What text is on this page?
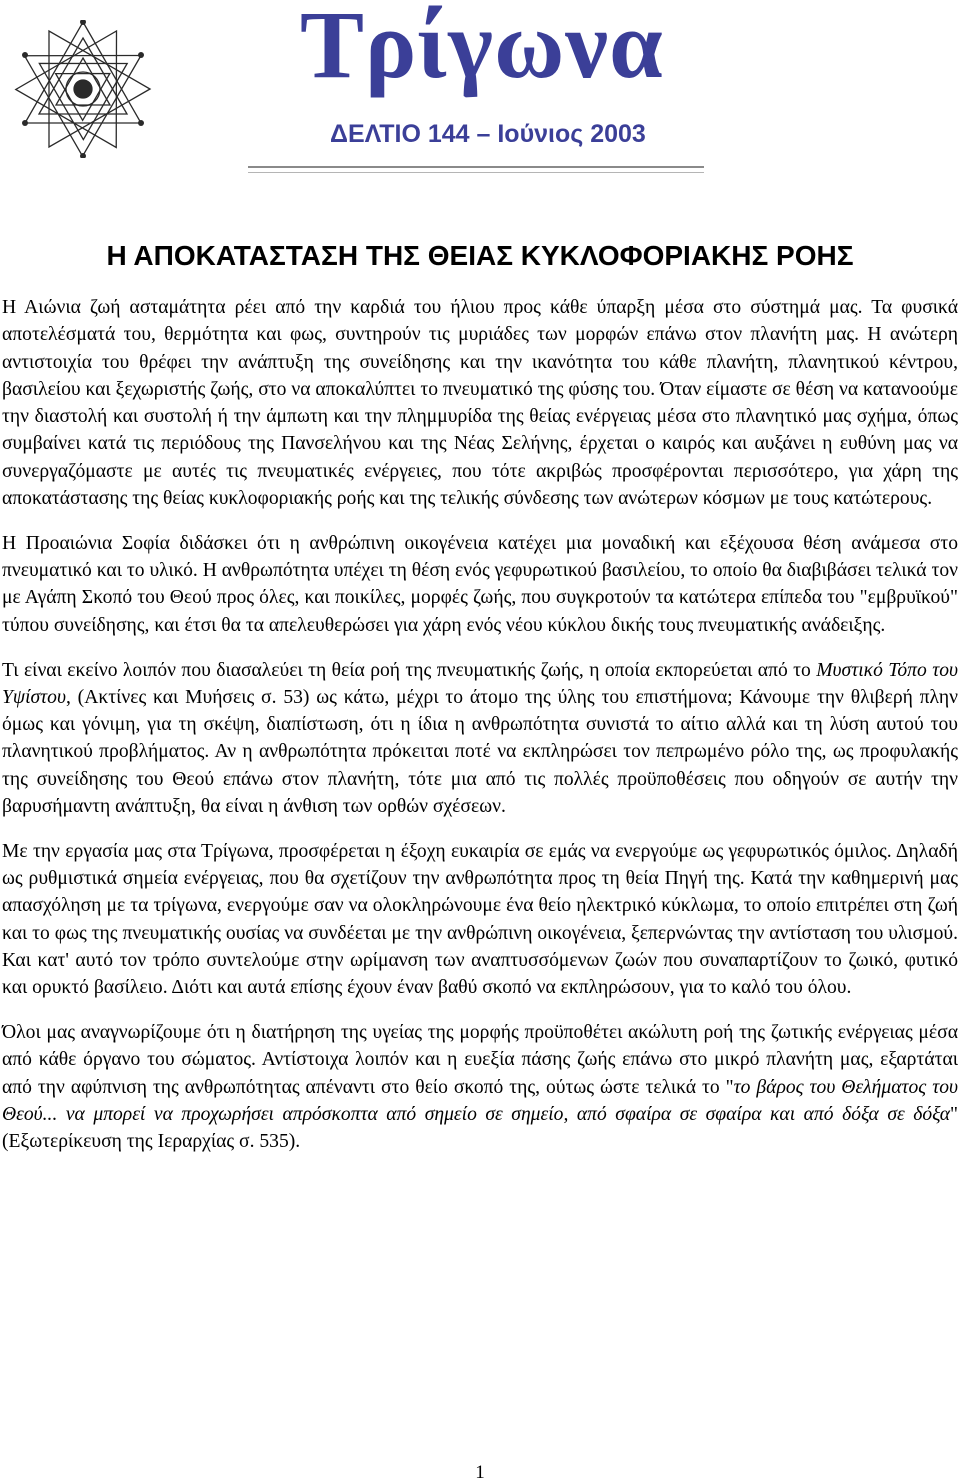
Τρίγωνα
ΔΕΛΤΙΟ 144 – Ιούνιος 2003
Η ΑΠΟΚΑΤΑΣΤΑΣΗ ΤΗΣ ΘΕΙΑΣ ΚΥΚΛΟΦΟΡΙΑΚΗΣ ΡΟΗΣ

Η Αιώνια ζωή ασταμάτητα ρέει από την καρδιά του ήλιου προς κάθε ύπαρξη μέσα στο σύστημά μας. Τα φυσικά αποτελέσματά του, θερμότητα και φως, συντηρούν τις μυριάδες των μορφών επάνω στον πλανήτη μας. Η ανώτερη αντιστοιχία του θρέφει την ανάπτυξη της συνείδησης και την ικανότητα του κάθε πλανήτη, πλανητικού κέντρου, βασιλείου και ξεχωριστής ζωής, στο να αποκαλύπτει το πνευματικό της φύσης του. Όταν είμαστε σε θέση να κατανοούμε την διαστολή και συστολή ή την άμπωτη και την πλημμυρίδα της θείας ενέργειας μέσα στο πλανητικό μας σχήμα, όπως συμβαίνει κατά τις περιόδους της Πανσελήνου και της Νέας Σελήνης, έρχεται ο καιρός και αυξάνει η ευθύνη μας να συνεργαζόμαστε με αυτές τις πνευματικές ενέργειες, που τότε ακριβώς προσφέρονται περισσότερο, για χάρη της αποκατάστασης της θείας κυκλοφοριακής ροής και της τελικής σύνδεσης των ανώτερων κόσμων με τους κατώτερους.

Η Προαιώνια Σοφία διδάσκει ότι η ανθρώπινη οικογένεια κατέχει μια μοναδική και εξέχουσα θέση ανάμεσα στο πνευματικό και το υλικό. Η ανθρωπότητα υπέχει τη θέση ενός γεφυρωτικού βασιλείου, το οποίο θα διαβιβάσει τελικά τον με Αγάπη Σκοπό του Θεού προς όλες, και ποικίλες, μορφές ζωής, που συγκροτούν τα κατώτερα επίπεδα του "εμβρυϊκού" τύπου συνείδησης, και έτσι θα τα απελευθερώσει για χάρη ενός νέου κύκλου δικής τους πνευματικής ανάδειξης.

Τι είναι εκείνο λοιπόν που διασαλεύει τη θεία ροή της πνευματικής ζωής, η οποία εκπορεύεται από το Μυστικό Τόπο του Υψίστου, (Ακτίνες και Μυήσεις σ. 53) ως κάτω, μέχρι το άτομο της ύλης του επιστήμονα; Κάνουμε την θλιβερή πλην όμως και γόνιμη, για τη σκέψη, διαπίστωση, ότι η ίδια η ανθρωπότητα συνιστά το αίτιο αλλά και τη λύση αυτού του πλανητικού προβλήματος. Αν η ανθρωπότητα πρόκειται ποτέ να εκπληρώσει τον πεπρωμένο ρόλο της, ως προφυλακής της συνείδησης του Θεού επάνω στον πλανήτη, τότε μια από τις πολλές προϋποθέσεις που οδηγούν σε αυτήν την βαρυσήμαντη ανάπτυξη, θα είναι η άνθιση των ορθών σχέσεων.

Με την εργασία μας στα Τρίγωνα, προσφέρεται η έξοχη ευκαιρία σε εμάς να ενεργούμε ως γεφυρωτικός όμιλος. Δηλαδή ως ρυθμιστικά σημεία ενέργειας, που θα σχετίζουν την ανθρωπότητα προς τη θεία Πηγή της. Κατά την καθημερινή μας απασχόληση με τα τρίγωνα, ενεργούμε σαν να ολοκληρώνουμε ένα θείο ηλεκτρικό κύκλωμα, το οποίο επιτρέπει στη ζωή και το φως της πνευματικής ουσίας να συνδέεται με την ανθρώπινη οικογένεια, ξεπερνώντας την αντίσταση του υλισμού. Και κατ' αυτό τον τρόπο συντελούμε στην ωρίμανση των αναπτυσσόμενων ζωών που συναπαρτίζουν το ζωικό, φυτικό και ορυκτό βασίλειο. Διότι και αυτά επίσης έχουν έναν βαθύ σκοπό να εκπληρώσουν, για το καλό του όλου.

Όλοι μας αναγνωρίζουμε ότι η διατήρηση της υγείας της μορφής προϋποθέτει ακώλυτη ροή της ζωτικής ενέργειας μέσα από κάθε όργανο του σώματος. Αντίστοιχα λοιπόν και η ευεξία πάσης ζωής επάνω στο μικρό πλανήτη μας, εξαρτάται από την αφύπνιση της ανθρωπότητας απέναντι στο θείο σκοπό της, ούτως ώστε τελικά το "το βάρος του Θελήματος του Θεού... να μπορεί να προχωρήσει απρόσκοπτα από σημείο σε σημείο, από σφαίρα σε σφαίρα και από δόξα σε δόξα" (Εξωτερίκευση της Ιεραρχίας σ. 535).

1
